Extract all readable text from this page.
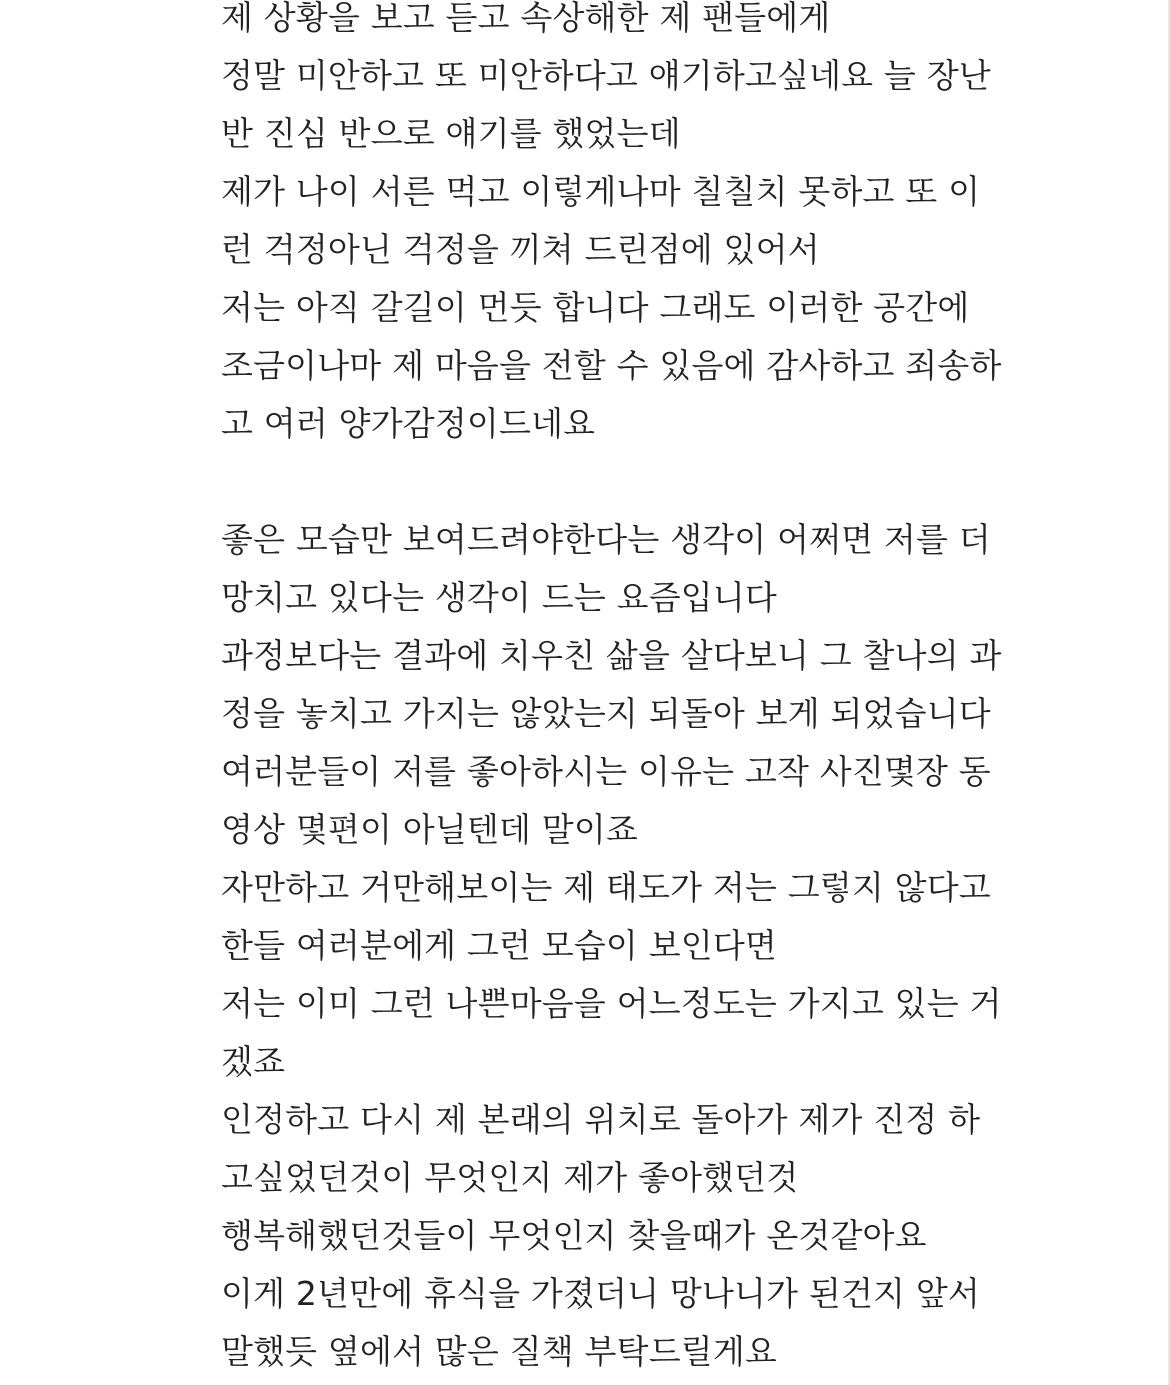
제 상황을 보고 듣고 속상해한 제 팬들에게
정말 미안하고 또 미안하다고 얘기하고싶네요 늘 장난
반 진심 반으로 얘기를 했었는데
제가 나이 서른 먹고 이렇게나마 칠칠치 못하고 또 이
런 걱정아닌 걱정을 끼쳐 드린점에 있어서
저는 아직 갈길이 먼듯 합니다 그래도 이러한 공간에
조금이나마 제 마음을 전할 수 있음에 감사하고 죄송하
고 여러 양가감정이드네요
좋은 모습만 보여드려야한다는 생각이 어쩌면 저를 더
망치고 있다는 생각이 드는 요즘입니다
과정보다는 결과에 치우친 삶을 살다보니 그 찰나의 과
정을 놓치고 가지는 않았는지 되돌아 보게 되었습니다
여러분들이 저를 좋아하시는 이유는 고작 사진몇장 동
영상 몇편이 아닐텐데 말이죠
자만하고 거만해보이는 제 태도가 저는 그렇지 않다고
한들 여러분에게 그런 모습이 보인다면
저는 이미 그런 나쁜마음을 어느정도는 가지고 있는 거
겠죠
인정하고 다시 제 본래의 위치로 돌아가 제가 진정 하
고싶었던것이 무엇인지 제가 좋아했던것
행복해했던것들이 무엇인지 찾을때가 온것같아요
이게 2년만에 휴식을 가졌더니 망나니가 된건지 앞서
말했듯 옆에서 많은 질책 부탁드릴게요
